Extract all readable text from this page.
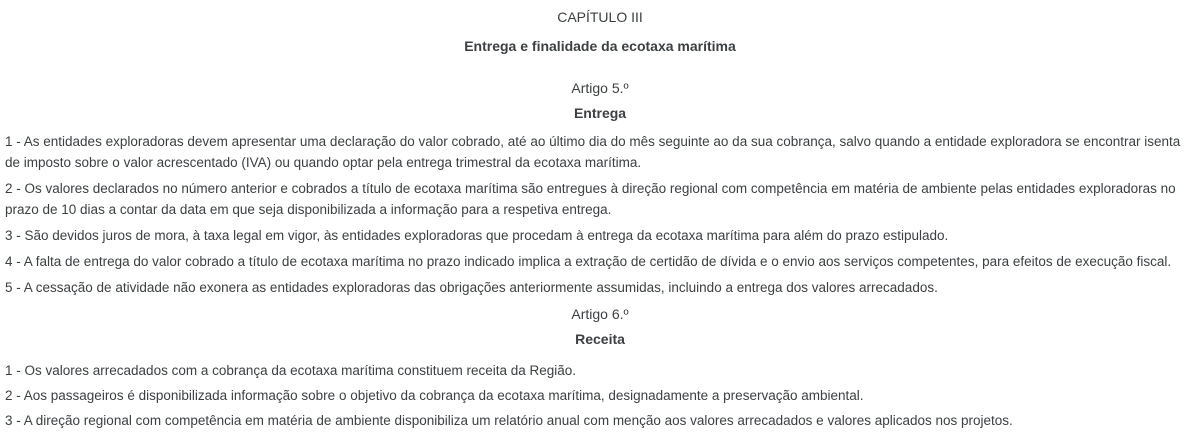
CAPÍTULO III
Entrega e finalidade da ecotaxa marítima
Artigo 5.º
Entrega

1 - As entidades exploradoras devem apresentar uma declaração do valor cobrado, até ao último dia do mês seguinte ao da sua cobrança, salvo quando a entidade exploradora se encontrar isenta de imposto sobre o valor acrescentado (IVA) ou quando optar pela entrega trimestral da ecotaxa marítima.

2 - Os valores declarados no número anterior e cobrados a título de ecotaxa marítima são entregues à direção regional com competência em matéria de ambiente pelas entidades exploradoras no prazo de 10 dias a contar da data em que seja disponibilizada a informação para a respetiva entrega.

3 - São devidos juros de mora, à taxa legal em vigor, às entidades exploradoras que procedam à entrega da ecotaxa marítima para além do prazo estipulado.

4 - A falta de entrega do valor cobrado a título de ecotaxa marítima no prazo indicado implica a extração de certidão de dívida e o envio aos serviços competentes, para efeitos de execução fiscal.

5 - A cessação de atividade não exonera as entidades exploradoras das obrigações anteriormente assumidas, incluindo a entrega dos valores arrecadados.

Artigo 6.º
Receita

1 - Os valores arrecadados com a cobrança da ecotaxa marítima constituem receita da Região.

2 - Aos passageiros é disponibilizada informação sobre o objetivo da cobrança da ecotaxa marítima, designadamente a preservação ambiental.

3 - A direção regional com competência em matéria de ambiente disponibiliza um relatório anual com menção aos valores arrecadados e valores aplicados nos projetos.
